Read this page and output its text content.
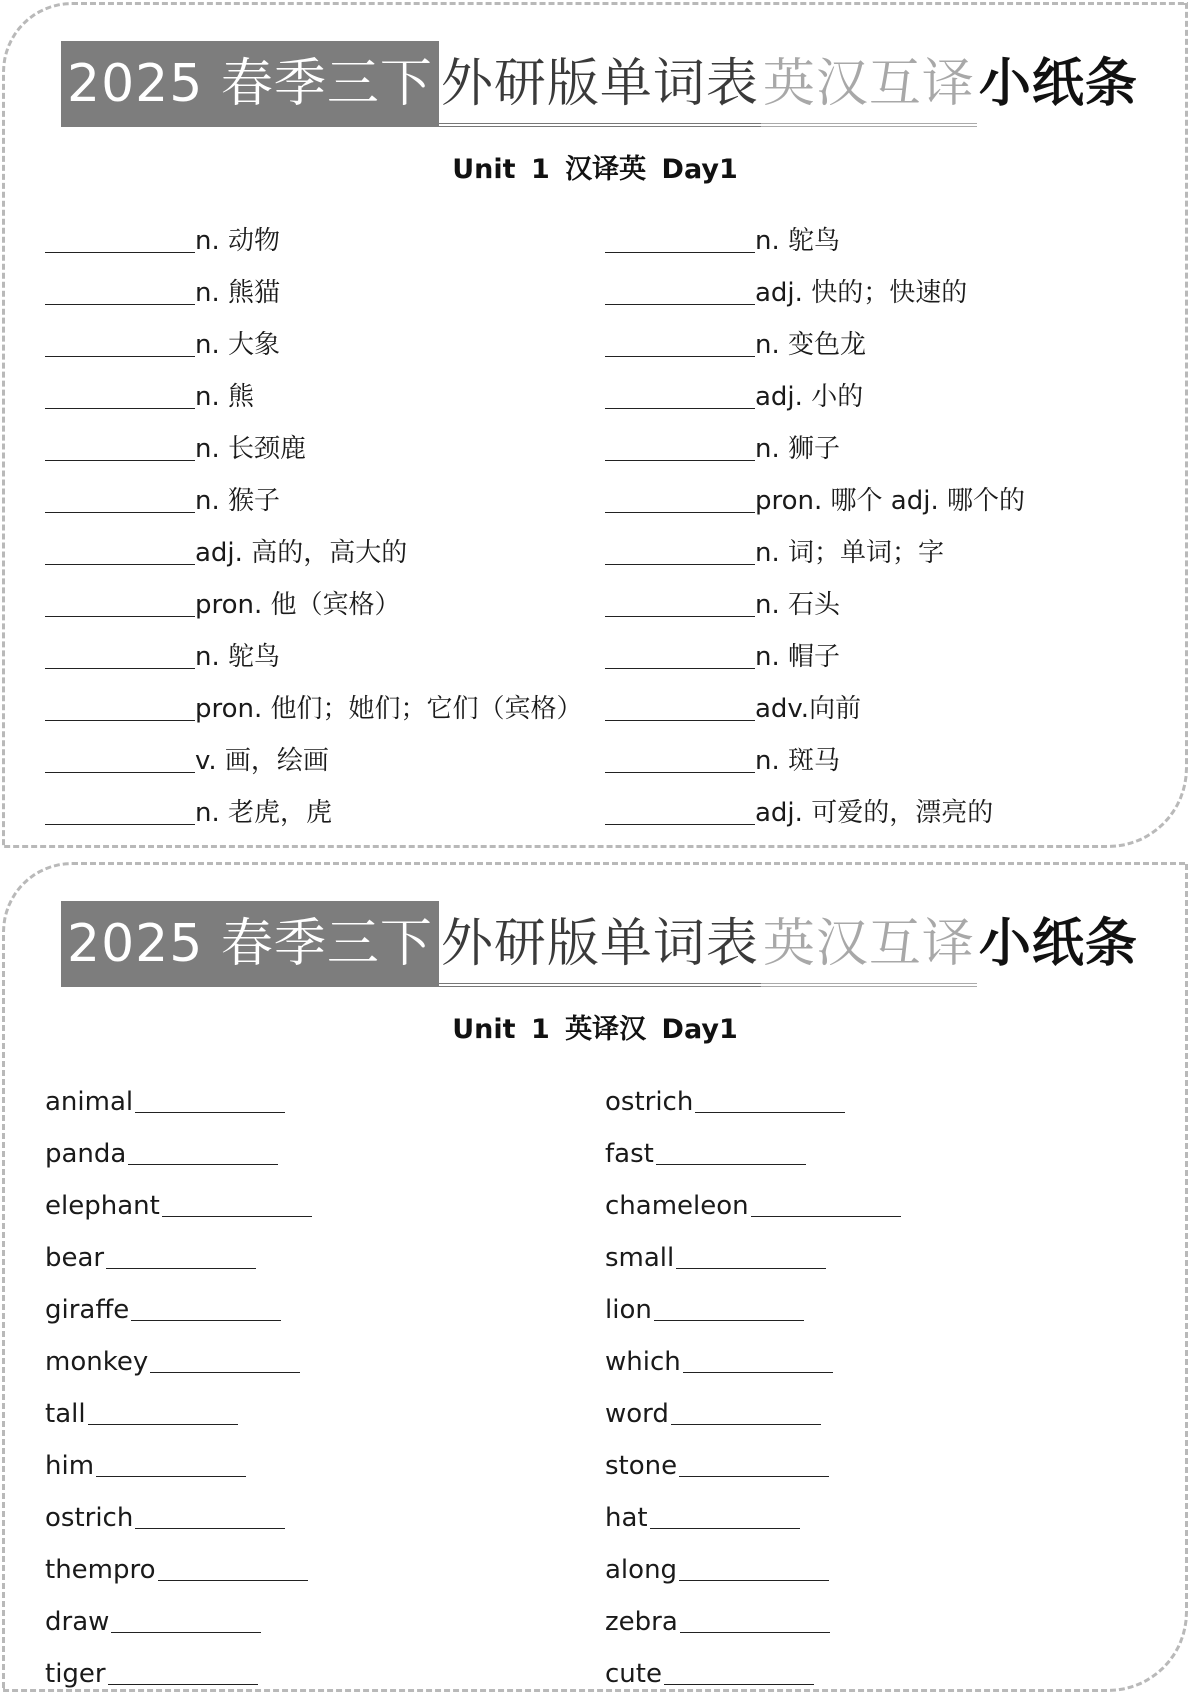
2025 春季三下 外研版单词表 英汉互译 小纸条
Unit 1 汉译英 Day1
n. 动物
n. 熊猫
n. 大象
n. 熊
n. 长颈鹿
n. 猴子
adj. 高的，高大的
pron. 他（宾格）
n. 鸵鸟
pron. 他们；她们；它们（宾格）
v. 画，绘画
n. 老虎，虎
n. 鸵鸟
adj. 快的；快速的
n. 变色龙
adj. 小的
n. 狮子
pron. 哪个 adj. 哪个的
n. 词；单词；字
n. 石头
n. 帽子
adv.向前
n. 斑马
adj. 可爱的，漂亮的
2025 春季三下 外研版单词表 英汉互译 小纸条
Unit 1 英译汉 Day1
animal
panda
elephant
bear
giraffe
monkey
tall
him
ostrich
thempro
draw
tiger
ostrich
fast
chameleon
small
lion
which
word
stone
hat
along
zebra
cute
